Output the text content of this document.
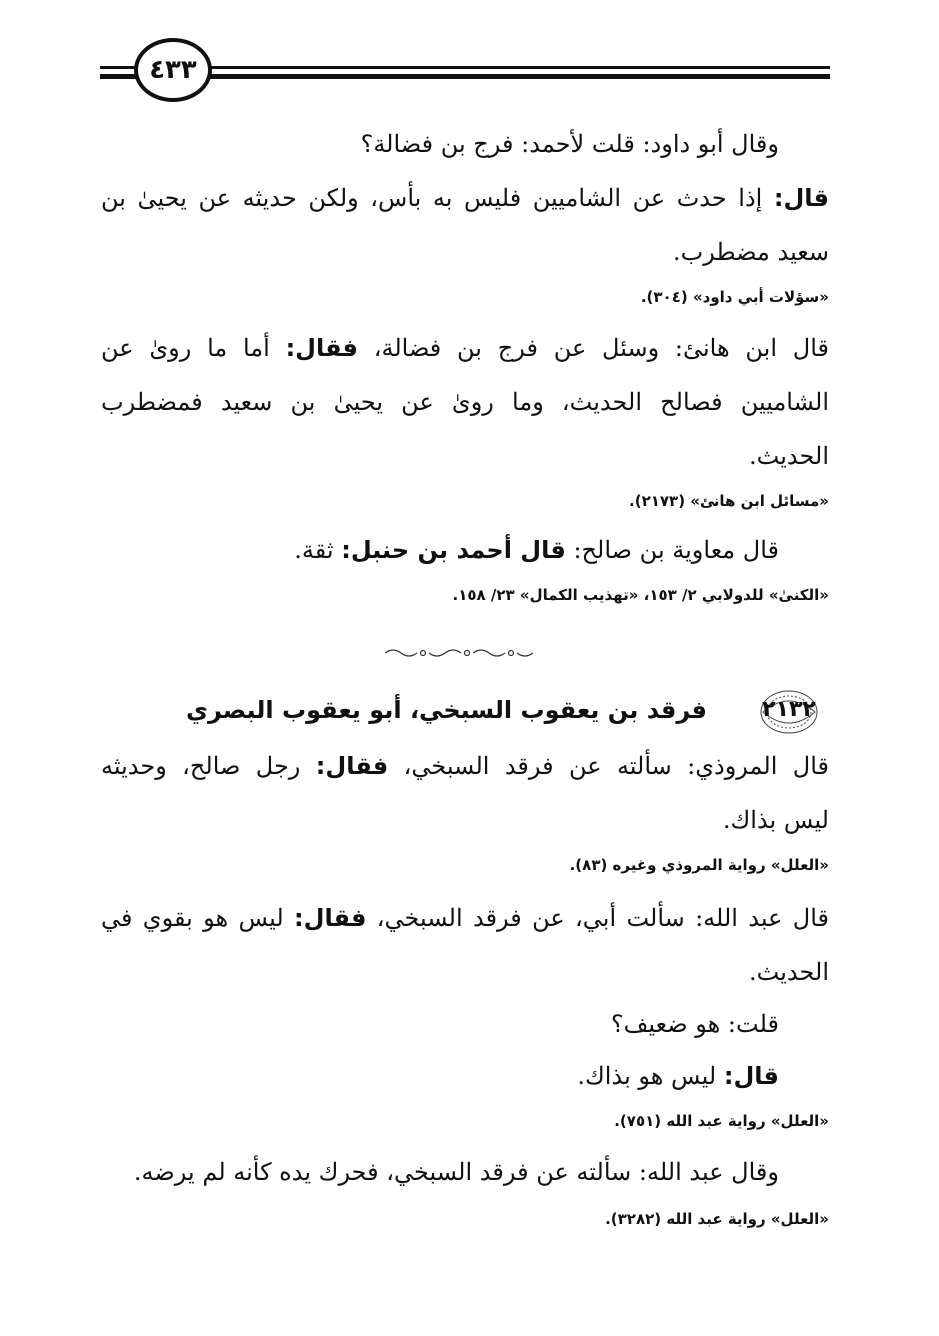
٤٣٣
وقال أبو داود: قلت لأحمد: فرج بن فضالة؟
قال: إذا حدث عن الشاميين فليس به بأس، ولكن حديثه عن يحيىٰ بن
سعيد مضطرب.
«سؤلات أبي داود» (٣٠٤).
قال ابن هانئ: وسئل عن فرج بن فضالة، فقال: أما ما روىٰ عن
الشاميين فصالح الحديث، وما روىٰ عن يحيىٰ بن سعيد فمضطرب
الحديث.
«مسائل ابن هانئ» (٢١٧٣).
قال معاوية بن صالح: قال أحمد بن حنبل: ثقة.
«الكنىٰ» للدولابي ٢/ ١٥٣، «تهذيب الكمال» ٢٣/ ١٥٨.
٢١٣٢
فرقد بن يعقوب السبخي، أبو يعقوب البصري
قال المروذي: سألته عن فرقد السبخي، فقال: رجل صالح، وحديثه
ليس بذاك.
«العلل» رواية المروذي وغيره (٨٣).
قال عبد الله: سألت أبي، عن فرقد السبخي، فقال: ليس هو بقوي في
الحديث.
قلت: هو ضعيف؟
قال: ليس هو بذاك.
«العلل» رواية عبد الله (٧٥١).
وقال عبد الله: سألته عن فرقد السبخي، فحرك يده كأنه لم يرضه.
«العلل» رواية عبد الله (٣٢٨٢).
